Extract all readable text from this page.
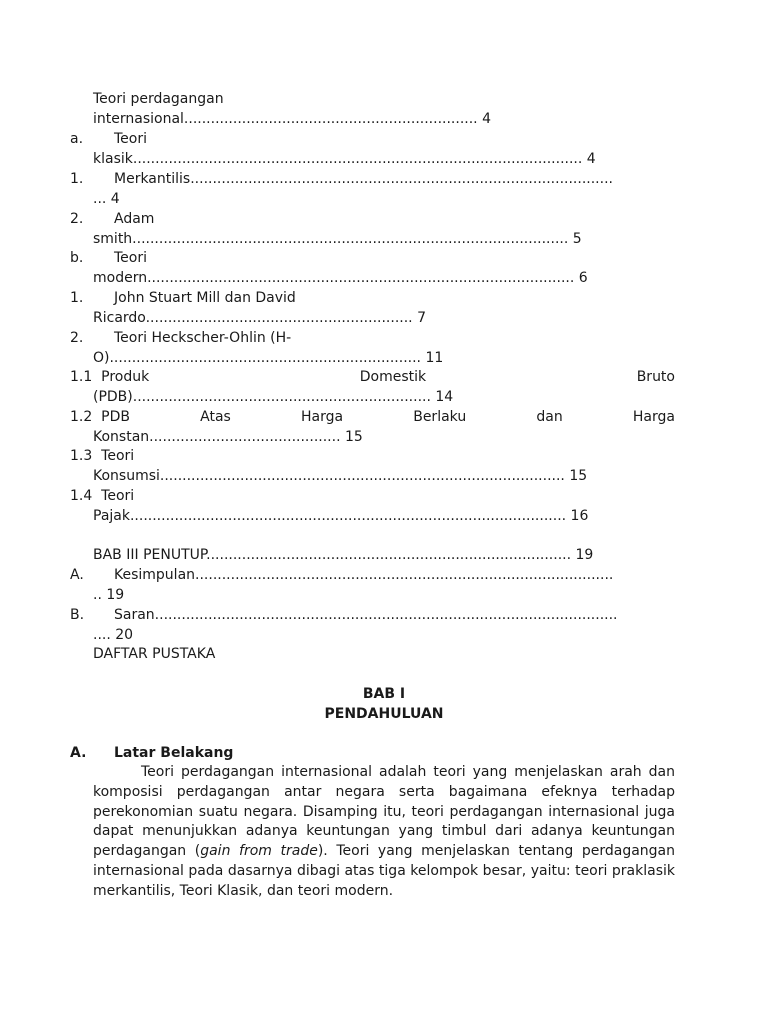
Teori perdagangan
internasional.................................................................. 4
a. Teori
klasik..................................................................................................... 4
1. Merkantilis...............................................................................................
... 4
2. Adam
smith.................................................................................................. 5
b. Teori
modern................................................................................................ 6
1. John Stuart Mill dan David
Ricardo............................................................ 7
2. Teori Heckscher-Ohlin (H-
O)...................................................................... 11
1.1  Produk	Domestik	Bruto
(PDB)................................................................... 14
1.2  PDB	Atas	Harga	Berlaku	dan	Harga
Konstan........................................... 15
1.3  Teori
Konsumsi........................................................................................... 15
1.4  Teori
Pajak.................................................................................................. 16
BAB III PENUTUP.................................................................................. 19
A. Kesimpulan..............................................................................................
.. 19
B. Saran........................................................................................................
.... 20
DAFTAR PUSTAKA
BAB I
PENDAHULUAN
A. Latar Belakang
Teori perdagangan internasional adalah teori yang menjelaskan arah dan komposisi perdagangan antar negara serta bagaimana efeknya terhadap perekonomian suatu negara. Disamping itu, teori perdagangan internasional juga dapat menunjukkan adanya keuntungan yang timbul dari adanya keuntungan perdagangan (gain from trade). Teori yang menjelaskan tentang perdagangan internasional pada dasarnya dibagi atas tiga kelompok besar, yaitu: teori praklasik merkantilis, Teori Klasik, dan teori modern.
